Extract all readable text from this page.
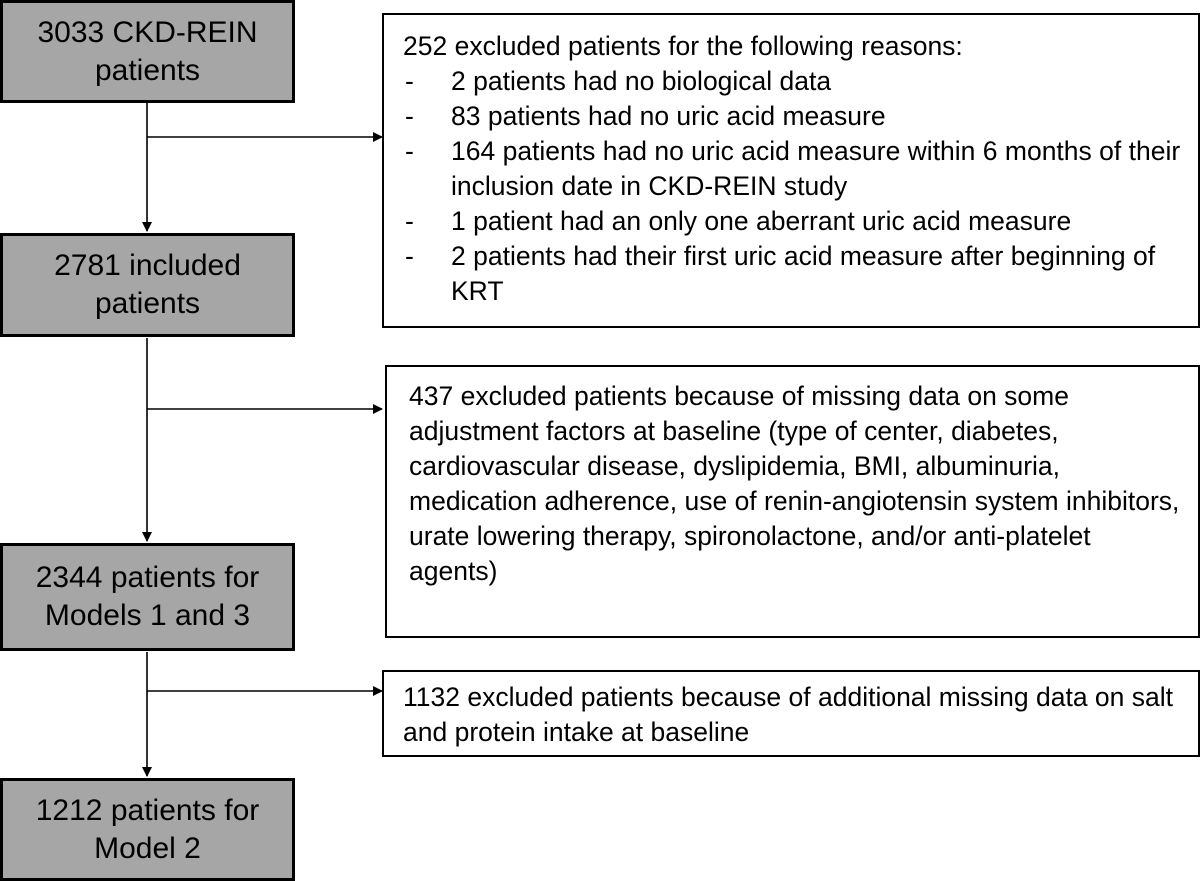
3033 CKD-REIN
patients
2781 included
patients
2344 patients for
Models 1 and 3
1212 patients for
Model 2
252 excluded patients for the following reasons:
- 2 patients had no biological data
- 83 patients had no uric acid measure
- 164 patients had no uric acid measure within 6 months of their inclusion date in CKD-REIN study
- 1 patient had an only one aberrant uric acid measure
- 2 patients had their first uric acid measure after beginning of KRT
437 excluded patients because of missing data on some adjustment factors at baseline (type of center, diabetes, cardiovascular disease, dyslipidemia, BMI, albuminuria, medication adherence, use of renin-angiotensin system inhibitors, urate lowering therapy, spironolactone, and/or anti-platelet agents)
1132 excluded patients because of additional missing data on salt and protein intake at baseline
